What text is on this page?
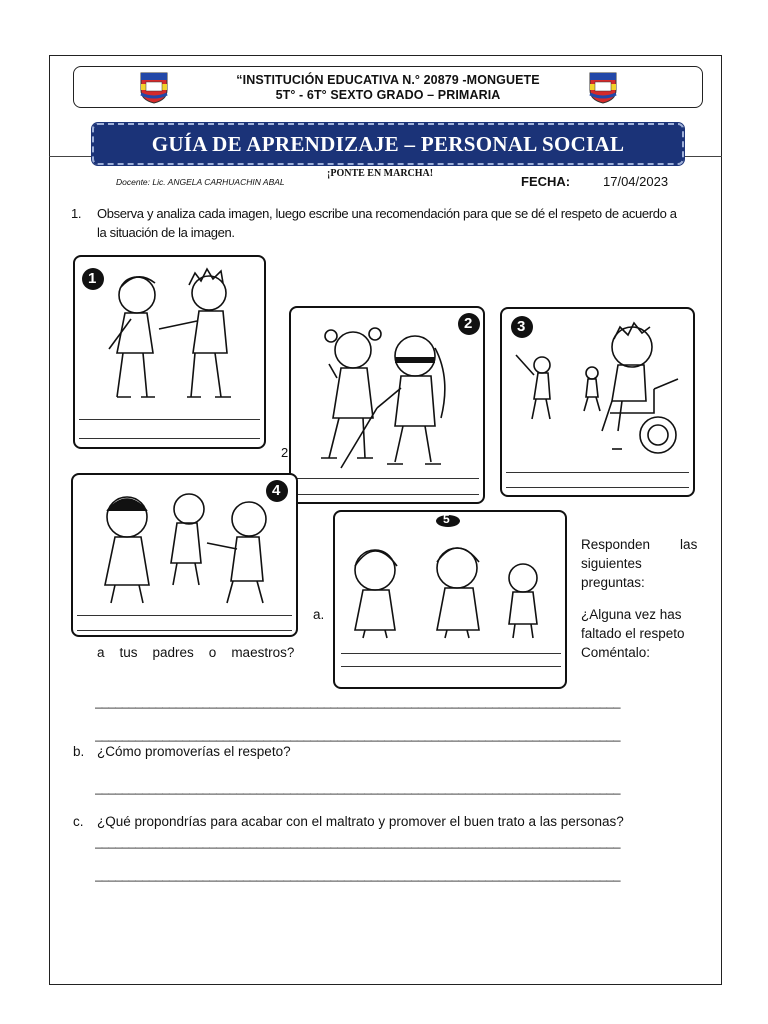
“INSTITUCIÓN EDUCATIVA N.° 20879 -MONGUETE
5T° - 6T° SEXTO GRADO – PRIMARIA
GUÍA DE APRENDIZAJE – PERSONAL SOCIAL
Docente: Lic. ANGELA CARHUACHIN ABAL
¡PONTE EN MARCHA!
FECHA:	17/04/2023
1. Observa y analiza cada imagen, luego escribe una recomendación para que se dé el respeto de acuerdo a
la situación de la imagen.
1
2
2
3
4
5
Responden        las
siguientes
preguntas:
a.	¿Alguna vez has
faltado el respeto
a    tus    padres    o    maestros?	Coméntalo:
______________________________________________________________________________
______________________________________________________________________________
b. ¿Cómo promoverías el respeto?
______________________________________________________________________________
c. ¿Qué propondrías para acabar con el maltrato y promover el buen trato a las personas?
______________________________________________________________________________
______________________________________________________________________________
